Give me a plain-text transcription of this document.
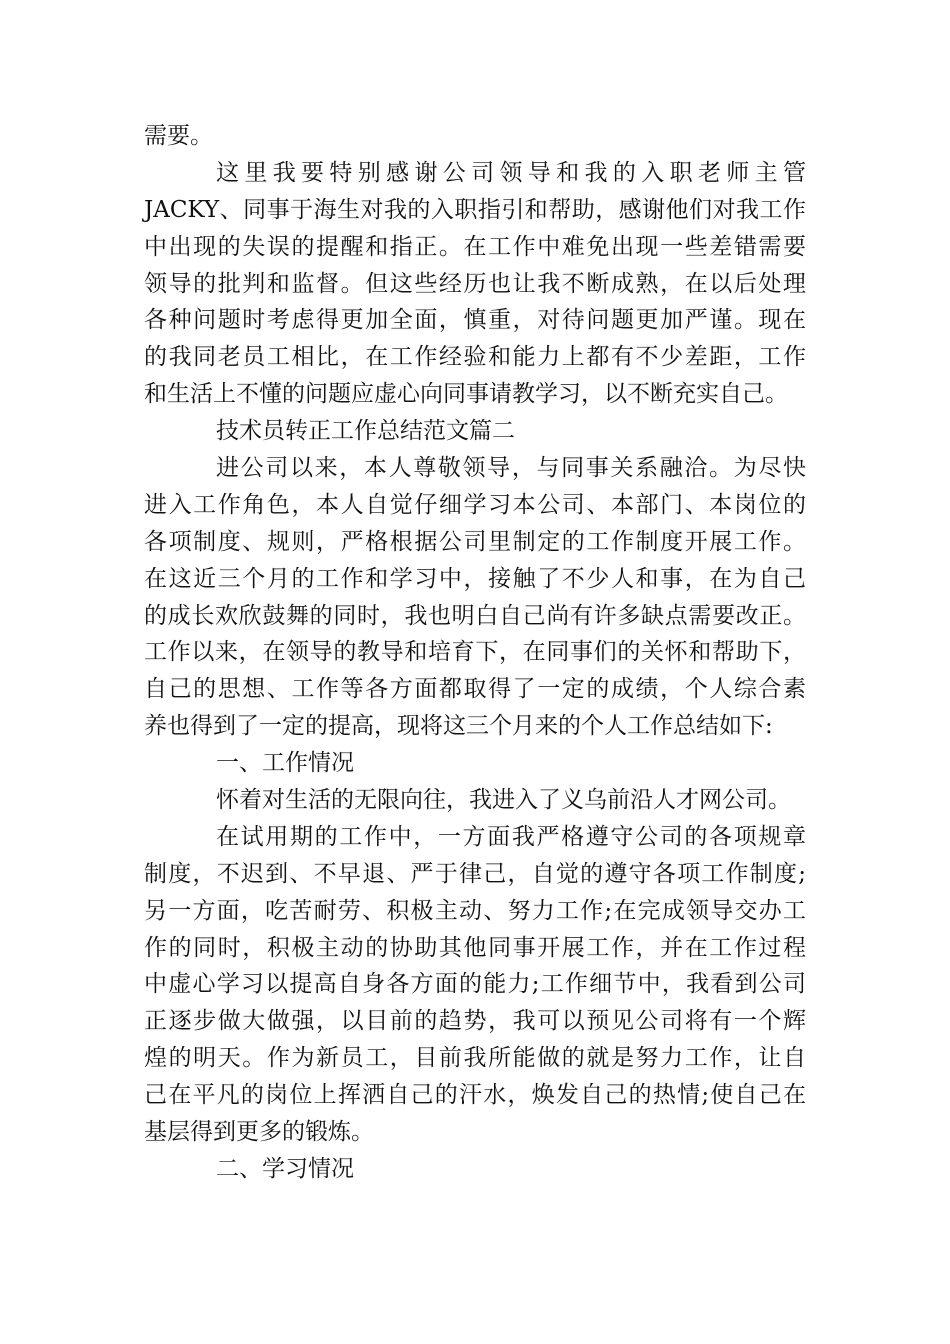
需要。
这里我要特别感谢公司领导和我的入职老师主管
JACKY、同事于海生对我的入职指引和帮助，感谢他们对我工作
中出现的失误的提醒和指正。在工作中难免出现一些差错需要
领导的批判和监督。但这些经历也让我不断成熟，在以后处理
各种问题时考虑得更加全面，慎重，对待问题更加严谨。现在
的我同老员工相比，在工作经验和能力上都有不少差距，工作
和生活上不懂的问题应虚心向同事请教学习，以不断充实自己。
技术员转正工作总结范文篇二
进公司以来，本人尊敬领导，与同事关系融洽。为尽快
进入工作角色，本人自觉仔细学习本公司、本部门、本岗位的
各项制度、规则，严格根据公司里制定的工作制度开展工作。
在这近三个月的工作和学习中，接触了不少人和事，在为自己
的成长欢欣鼓舞的同时，我也明白自己尚有许多缺点需要改正。
工作以来，在领导的教导和培育下，在同事们的关怀和帮助下，
自己的思想、工作等各方面都取得了一定的成绩，个人综合素
养也得到了一定的提高，现将这三个月来的个人工作总结如下:
一、工作情况
怀着对生活的无限向往，我进入了义乌前沿人才网公司。
在试用期的工作中，一方面我严格遵守公司的各项规章
制度，不迟到、不早退、严于律己，自觉的遵守各项工作制度;
另一方面，吃苦耐劳、积极主动、努力工作;在完成领导交办工
作的同时，积极主动的协助其他同事开展工作，并在工作过程
中虚心学习以提高自身各方面的能力;工作细节中，我看到公司
正逐步做大做强，以目前的趋势，我可以预见公司将有一个辉
煌的明天。作为新员工，目前我所能做的就是努力工作，让自
己在平凡的岗位上挥洒自己的汗水，焕发自己的热情;使自己在
基层得到更多的锻炼。
二、学习情况
